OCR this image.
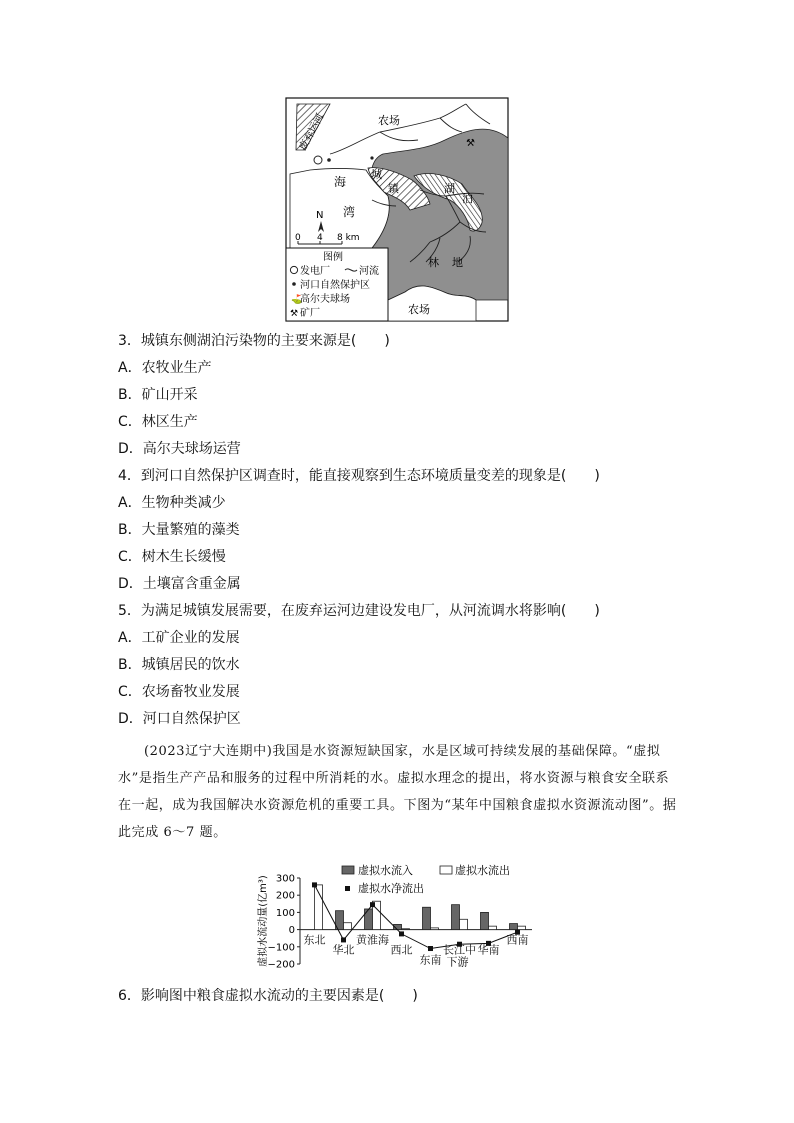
⚒
农场
农场
废弃运河
海
湾
城
镇	湖
泊
林 地
N
0 4 8 km
图例
发电厂	河流
河口自然保护区
⛳
高尔夫球场
⚒ 矿厂
3．城镇东侧湖泊污染物的主要来源是(　　)
A．农牧业生产
B．矿山开采
C．林区生产
D．高尔夫球场运营
4．到河口自然保护区调查时，能直接观察到生态环境质量变差的现象是(　　)
A．生物种类减少
B．大量繁殖的藻类
C．树木生长缓慢
D．土壤富含重金属
5．为满足城镇发展需要，在废弃运河边建设发电厂，从河流调水将影响(　　)
A．工矿企业的发展
B．城镇居民的饮水
C．农场畜牧业发展
D．河口自然保护区
(2023辽宁大连期中)我国是水资源短缺国家，水是区域可持续发展的基础保障。“虚拟水”是指生产产品和服务的过程中所消耗的水。虚拟水理念的提出，将水资源与粮食安全联系在一起，成为我国解决水资源危机的重要工具。下图为“某年中国粮食虚拟水资源流动图”。据此完成 6～7 题。
虚拟水流动量(亿m³) 300
200
100
0
−100
−200
东北
华北
黄淮海
西北
东南
长江中 华南
西南
下游
虚拟水流入	虚拟水流出
虚拟水净流出
6．影响图中粮食虚拟水流动的主要因素是(　　)
